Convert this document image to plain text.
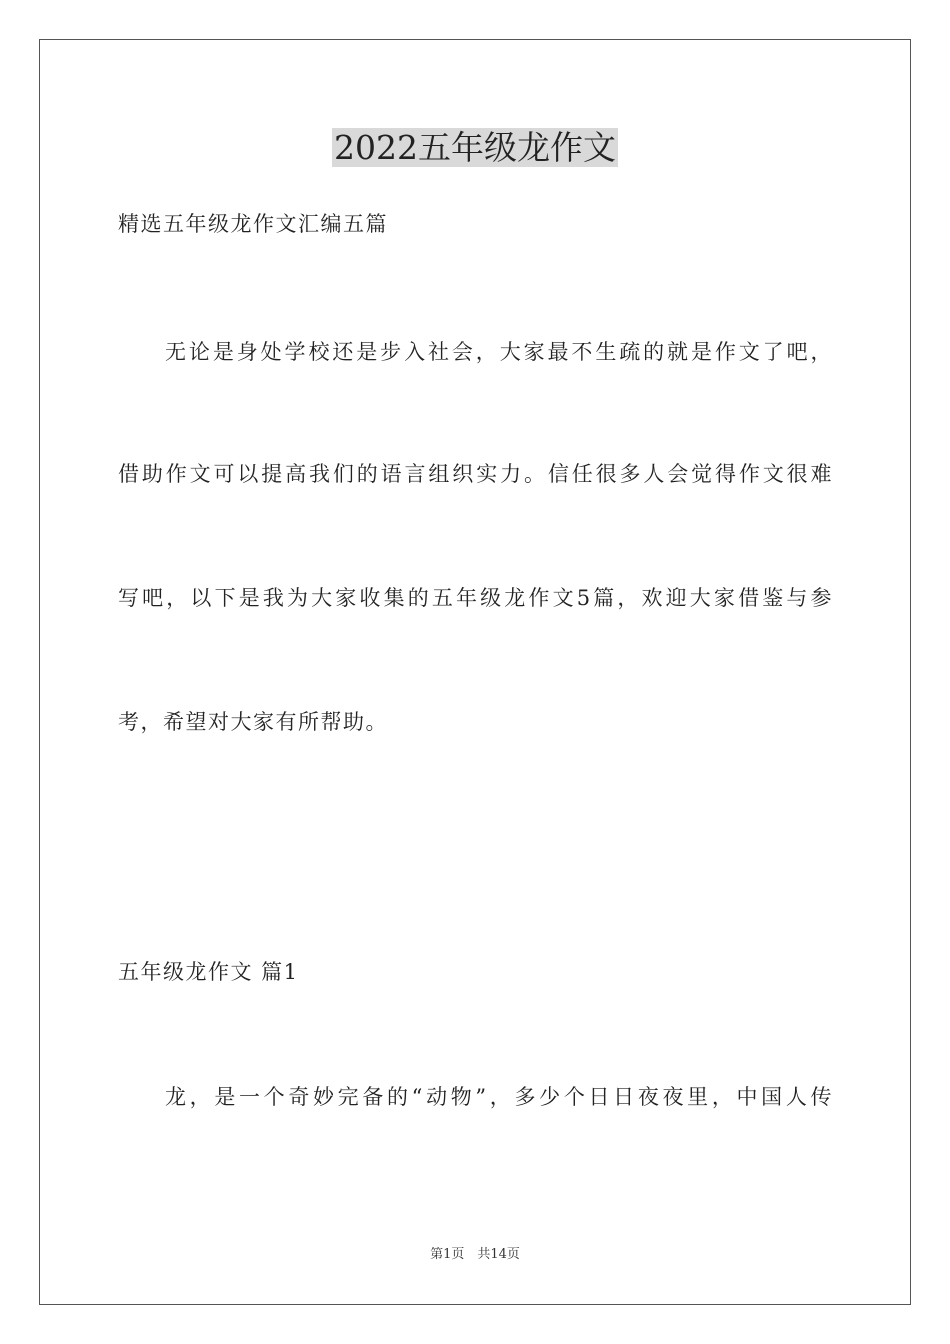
2022五年级龙作文
精选五年级龙作文汇编五篇
无论是身处学校还是步入社会，大家最不生疏的就是作文了吧，
借助作文可以提高我们的语言组织实力。信任很多人会觉得作文很难
写吧，以下是我为大家收集的五年级龙作文5篇，欢迎大家借鉴与参
考，希望对大家有所帮助。
五年级龙作文 篇1
龙，是一个奇妙完备的“动物”，多少个日日夜夜里，中国人传
第1页　共14页
